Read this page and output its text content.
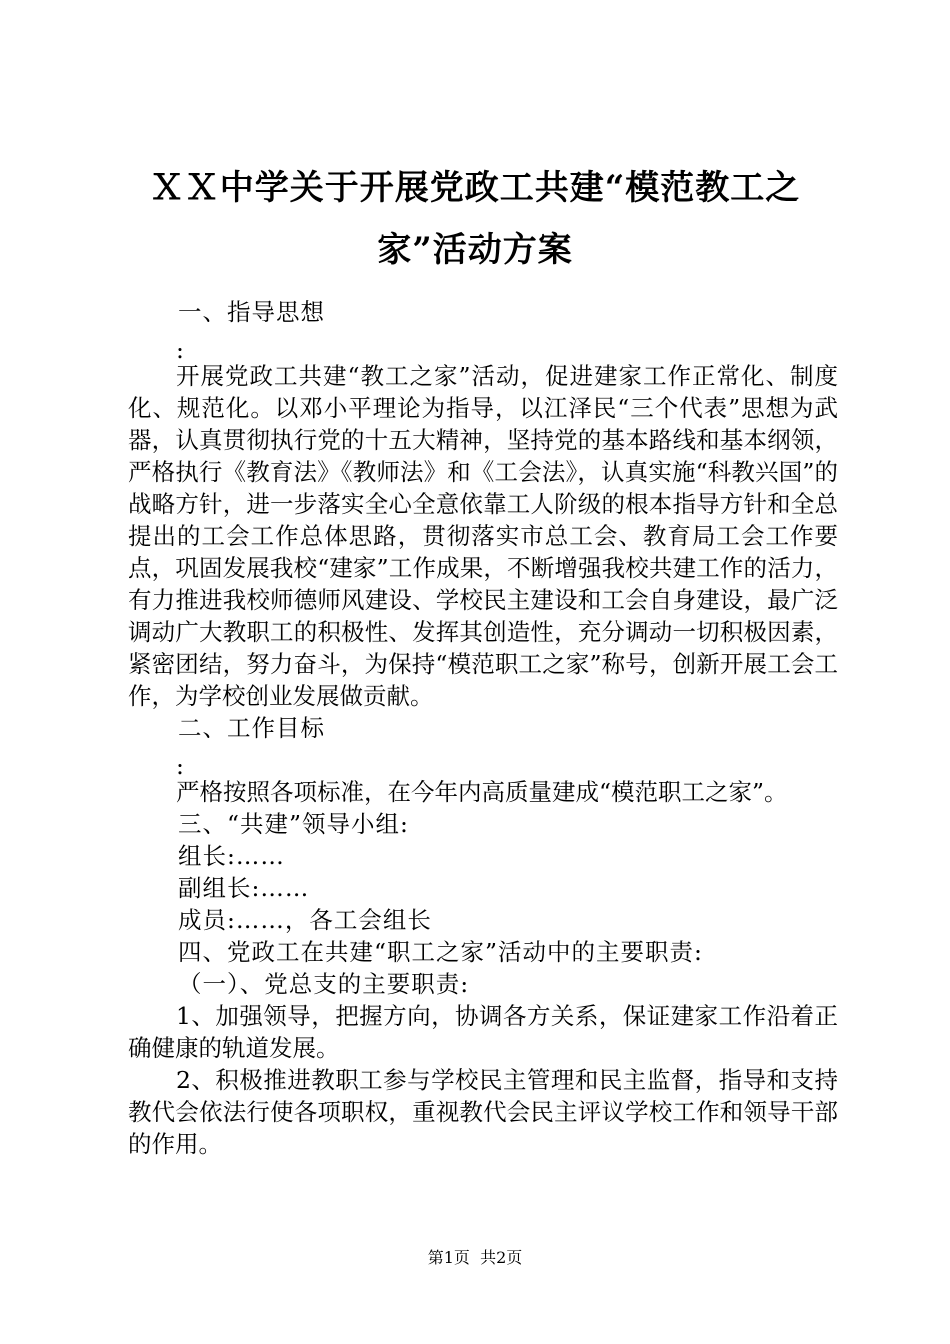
ＸＸ中学关于开展党政工共建“模范教工之
家”活动方案

一、指导思想

:

开展党政工共建“教工之家”活动，促进建家工作正常化、制度化、规范化。以邓小平理论为指导，以江泽民“三个代表”思想为武器，认真贯彻执行党的十五大精神，坚持党的基本路线和基本纲领，严格执行《教育法》《教师法》和《工会法》，认真实施“科教兴国”的战略方针，进一步落实全心全意依靠工人阶级的根本指导方针和全总提出的工会工作总体思路，贯彻落实市总工会、教育局工会工作要点，巩固发展我校“建家”工作成果，不断增强我校共建工作的活力，有力推进我校师德师风建设、学校民主建设和工会自身建设，最广泛调动广大教职工的积极性、发挥其创造性，充分调动一切积极因素，紧密团结，努力奋斗，为保持“模范职工之家”称号，创新开展工会工作，为学校创业发展做贡献。

二、工作目标

:

严格按照各项标准，在今年内高质量建成“模范职工之家”。

三、“共建”领导小组:

组长:……

副组长:……

成员:……，各工会组长

四、党政工在共建“职工之家”活动中的主要职责:

（一）、党总支的主要职责:

1、加强领导，把握方向，协调各方关系，保证建家工作沿着正确健康的轨道发展。

2、积极推进教职工参与学校民主管理和民主监督，指导和支持教代会依法行使各项职权，重视教代会民主评议学校工作和领导干部的作用。

第1页  共2页
